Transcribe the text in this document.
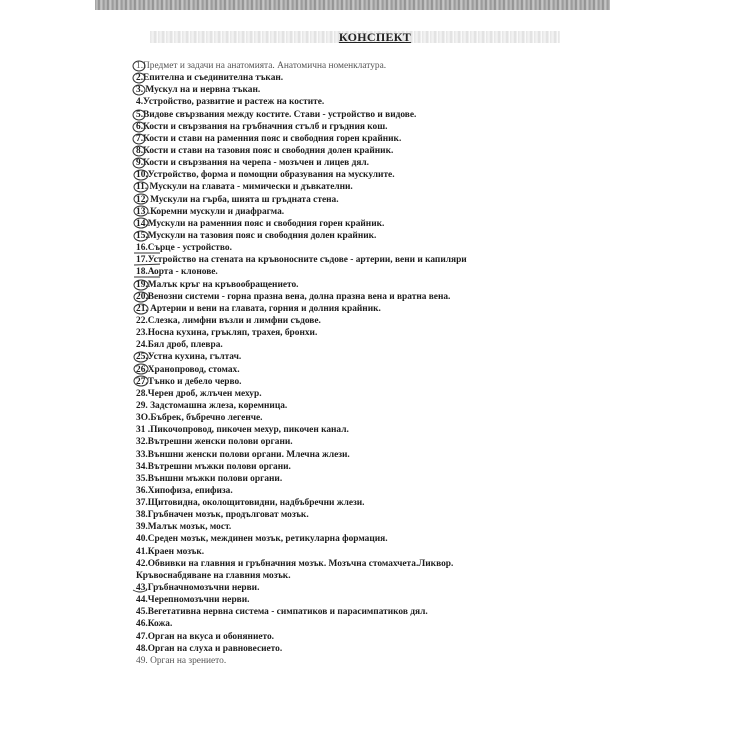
КОНСПЕКТ
1.Предмет и задачи на анатомията. Анатомична номенклатура.
2.Епителна и съединителна тъкан.
3. Мускул на и нервна тъкан.
4.Устройство, развитие и растеж на костите.
5.Видове свързвания между костите. Стави - устройство и видове.
6.Кости и свързвания на гръбначния стълб и гръдния кош.
7.Кости и стави на раменния пояс и свободния горен крайник.
8.Кости и стави на тазовия пояс и свободния долен крайник.
9.Кости и свързвания на черепа - мозъчен и лицев дял.
10.Устройство, форма и помощни образувания на мускулите.
11. Мускули на главата - мимически и дъвкателни.
12. Мускули на гърба, шията ш гръдната стена.
13 .Коремни мускули и диафрагма.
14.Мускули на раменния пояс и свободния горен крайник.
15.Мускули на тазовия пояс и свободния долен крайник.
16.Сърце - устройство.
17.Устройство на стената на кръвоносните съдове - артерии, вени и капиляри
18.Аорта - клонове.
19.Малък кръг на кръвообращението.
20.Венозни системи - горна празна вена, долна празна вена и вратна вена.
21. Артерии и вени на главата, горния и долния крайник.
22.Слезка, лимфни възли и лимфни съдове.
23.Носна кухина, гръкляп, трахея, бронхи.
24.Бял дроб, плевра.
25.Устна кухина, гълтач.
26.Хранопровод, стомах.
27.Тънко и дебело черво.
28.Черен дроб, жлъчен мехур.
29. Задстомашна жлеза, коремница.
3О.Бъбрек, бъбречно легенче.
31 .Пикочопровод, пикочен мехур, пикочен канал.
32.Вътрешни женски полови органи.
33.Външни женски полови органи. Млечна жлези.
34.Вътрешни мъжки полови органи.
35.Външни мъжки полови органи.
36.Хипофиза, епифиза.
37.Щитовидна, околощитовидни, надбъбречни жлези.
38.Гръбначен мозък, продълговат мозък.
39.Малък мозък, мост.
40.Среден мозък, междинен мозък, ретикуларна формация.
41.Краен мозък.
42.Обвивки на главния и гръбначния мозък. Мозъчна стомахчета.Ликвор.
Кръвоснабдяване на главния мозък.
43.Гръбначномозъчни нерви.
44.Черепномозъчни нерви.
45.Вегетативна нервна система - симпатиков и парасимпатиков дял.
46.Кожа.
47.Орган на вкуса и обонянието.
48.Орган на слуха и равновесието.
49. Орган на зрението.
